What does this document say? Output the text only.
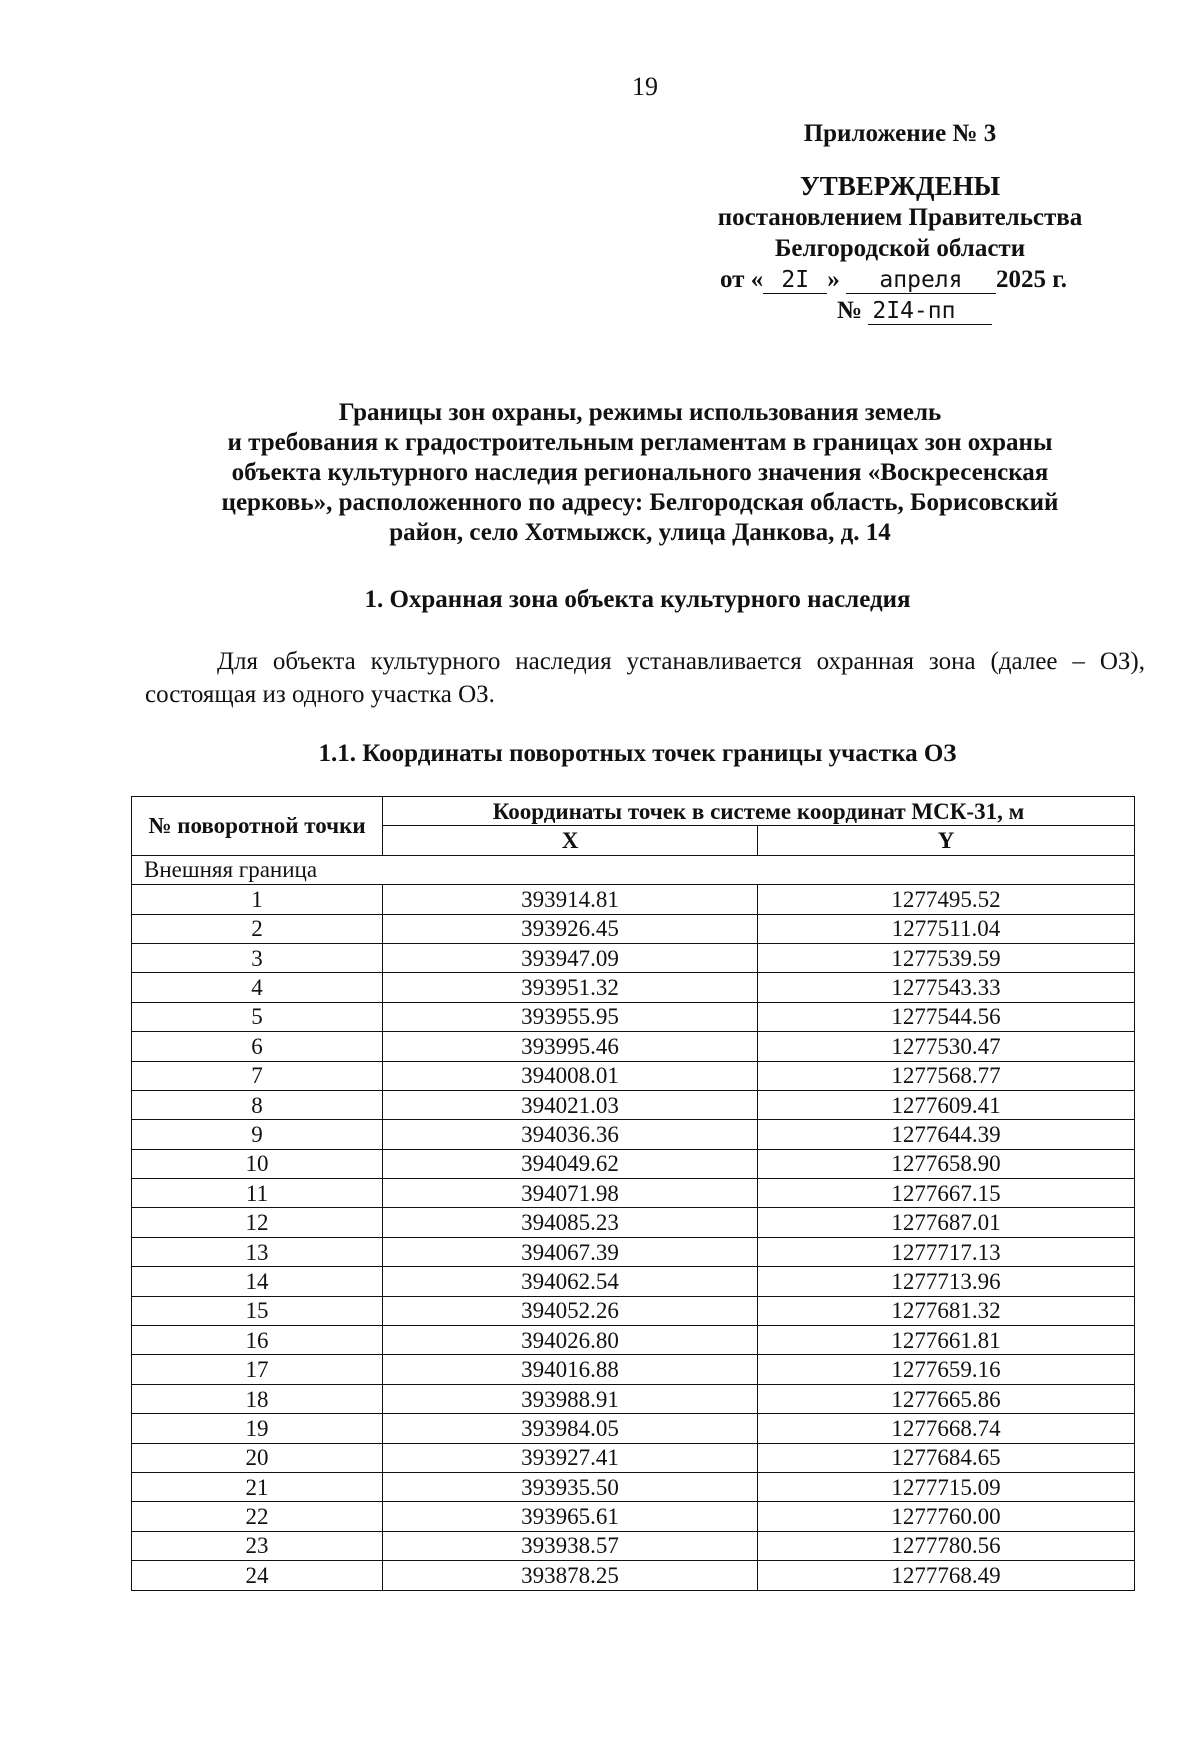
19
Приложение № 3
УТВЕРЖДЕНЫ
постановлением Правительства
Белгородской области
от « 2I » апреля 2025 г.
№ 2I4-пп
Границы зон охраны, режимы использования земель
и требования к градостроительным регламентам в границах зон охраны
объекта культурного наследия регионального значения «Воскресенская
церковь», расположенного по адресу: Белгородская область, Борисовский
район, село Хотмыжск, улица Данкова, д. 14
1. Охранная зона объекта культурного наследия
Для объекта культурного наследия устанавливается охранная зона (далее – ОЗ), состоящая из одного участка ОЗ.
1.1. Координаты поворотных точек границы участка ОЗ
№ поворотной точки	Координаты точек в системе координат МСК-31, м	
	X	Y
Внешняя граница		
1	393914.81	1277495.52
2	393926.45	1277511.04
3	393947.09	1277539.59
4	393951.32	1277543.33
5	393955.95	1277544.56
6	393995.46	1277530.47
7	394008.01	1277568.77
8	394021.03	1277609.41
9	394036.36	1277644.39
10	394049.62	1277658.90
11	394071.98	1277667.15
12	394085.23	1277687.01
13	394067.39	1277717.13
14	394062.54	1277713.96
15	394052.26	1277681.32
16	394026.80	1277661.81
17	394016.88	1277659.16
18	393988.91	1277665.86
19	393984.05	1277668.74
20	393927.41	1277684.65
21	393935.50	1277715.09
22	393965.61	1277760.00
23	393938.57	1277780.56
24	393878.25	1277768.49
